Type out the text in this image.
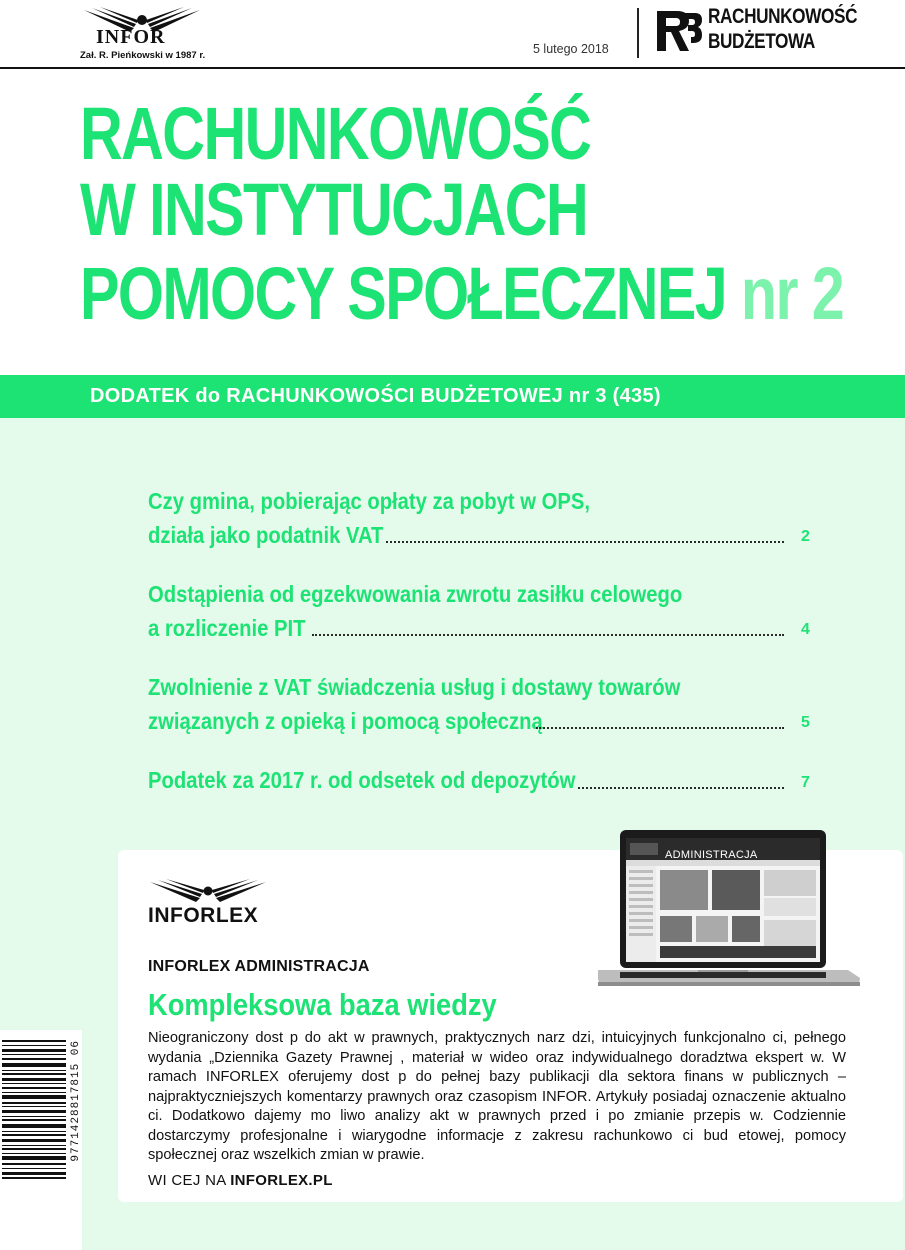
INFOR
Zał. R. Pieńkowski w 1987 r.	5 lutego 2018
RACHUNKOWOŚĆ
BUDŻETOWA
RACHUNKOWOŚĆ
W INSTYTUCJACH
POMOCY SPOŁECZNEJ nr 2
DODATEK do RACHUNKOWOŚCI BUDŻETOWEJ nr 3 (435)
Czy gmina, pobierając opłaty za pobyt w OPS,
działa jako podatnik VAT	2
Odstąpienia od egzekwowania zwrotu zasiłku celowego
a rozliczenie PIT	4
Zwolnienie z VAT świadczenia usług i dostawy towarów
związanych z opieką i pomocą społeczną	5
Podatek za 2017 r. od odsetek od depozytów	7
ADMINISTRACJA
INFORLEX
INFORLEX ADMINISTRACJA
Kompleksowa baza wiedzy
Nieograniczony dost p do akt w prawnych, praktycznych narz dzi, intuicyjnych funkcjonalno ci, pełnego wydania „Dziennika Gazety Prawnej , materiał w wideo oraz indywidualnego doradztwa ekspert w. W ramach INFORLEX oferujemy dost p do pełnej bazy publikacji dla sektora finans w publicznych – najpraktyczniejszych komentarzy prawnych oraz czasopism INFOR. Artykuły posiadaj oznaczenie aktualno ci. Dodatkowo dajemy mo liwo analizy akt w prawnych przed i po zmianie przepis w. Codziennie dostarczymy profesjonalne i wiarygodne informacje z zakresu rachunkowo ci bud etowej, pomocy społecznej oraz wszelkich zmian w prawie.
WI CEJ NA INFORLEX.PL
9771428817815 06
